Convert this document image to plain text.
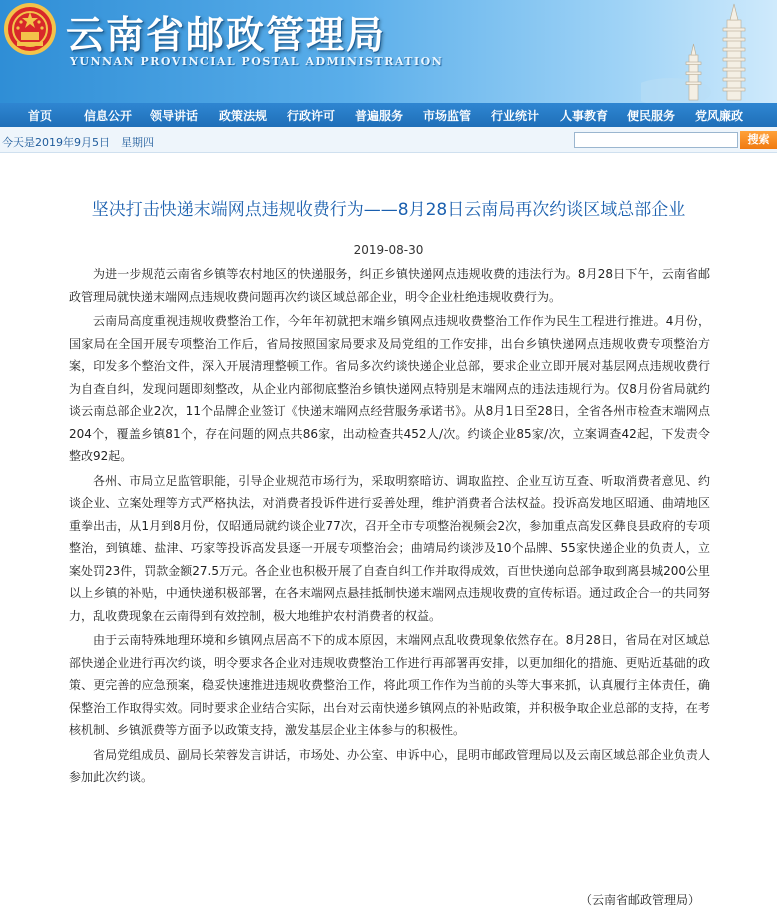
云南省邮政管理局
YUNNAN PROVINCIAL POSTAL ADMINISTRATION
首页	信息公开 领导讲话 政策法规 行政许可 普遍服务 市场监管 行业统计 人事教育 便民服务 党风廉政
今天是2019年9月5日　星期四	搜索
坚决打击快递末端网点违规收费行为——8月28日云南局再次约谈区域总部企业
2019-08-30

为进一步规范云南省乡镇等农村地区的快递服务，纠正乡镇快递网点违规收费的违法行为。8月28日下午，云南省邮政管理局就快递末端网点违规收费问题再次约谈区域总部企业，明令企业杜绝违规收费行为。

云南局高度重视违规收费整治工作，今年年初就把末端乡镇网点违规收费整治工作作为民生工程进行推进。4月份，国家局在全国开展专项整治工作后，省局按照国家局要求及局党组的工作安排，出台乡镇快递网点违规收费专项整治方案，印发多个整治文件，深入开展清理整顿工作。省局多次约谈快递企业总部，要求企业立即开展对基层网点违规收费行为自查自纠，发现问题即刻整改，从企业内部彻底整治乡镇快递网点特别是末端网点的违法违规行为。仅8月份省局就约谈云南总部企业2次，11个品牌企业签订《快递末端网点经营服务承诺书》。从8月1日至28日，全省各州市检查末端网点204个，覆盖乡镇81个，存在问题的网点共86家，出动检查共452人/次。约谈企业85家/次，立案调查42起，下发责令整改92起。

各州、市局立足监管职能，引导企业规范市场行为，采取明察暗访、调取监控、企业互访互查、听取消费者意见、约谈企业、立案处理等方式严格执法，对消费者投诉件进行妥善处理，维护消费者合法权益。投诉高发地区昭通、曲靖地区重拳出击，从1月到8月份，仅昭通局就约谈企业77次，召开全市专项整治视频会2次，参加重点高发区彝良县政府的专项整治，到镇雄、盐津、巧家等投诉高发县逐一开展专项整治会；曲靖局约谈涉及10个品牌、55家快递企业的负责人，立案处罚23件，罚款金额27.5万元。各企业也积极开展了自查自纠工作并取得成效，百世快递向总部争取到离县城200公里以上乡镇的补贴，中通快递积极部署，在各末端网点悬挂抵制快递末端网点违规收费的宣传标语。通过政企合一的共同努力，乱收费现象在云南得到有效控制，极大地维护农村消费者的权益。

由于云南特殊地理环境和乡镇网点居高不下的成本原因，末端网点乱收费现象依然存在。8月28日，省局在对区域总部快递企业进行再次约谈，明令要求各企业对违规收费整治工作进行再部署再安排，以更加细化的措施、更贴近基础的政策、更完善的应急预案，稳妥快速推进违规收费整治工作，将此项工作作为当前的头等大事来抓，认真履行主体责任，确保整治工作取得实效。同时要求企业结合实际，出台对云南快递乡镇网点的补贴政策，并积极争取企业总部的支持，在考核机制、乡镇派费等方面予以政策支持，激发基层企业主体参与的积极性。

省局党组成员、副局长荣蓉发言讲话，市场处、办公室、申诉中心，昆明市邮政管理局以及云南区域总部企业负责人参加此次约谈。

（云南省邮政管理局）
